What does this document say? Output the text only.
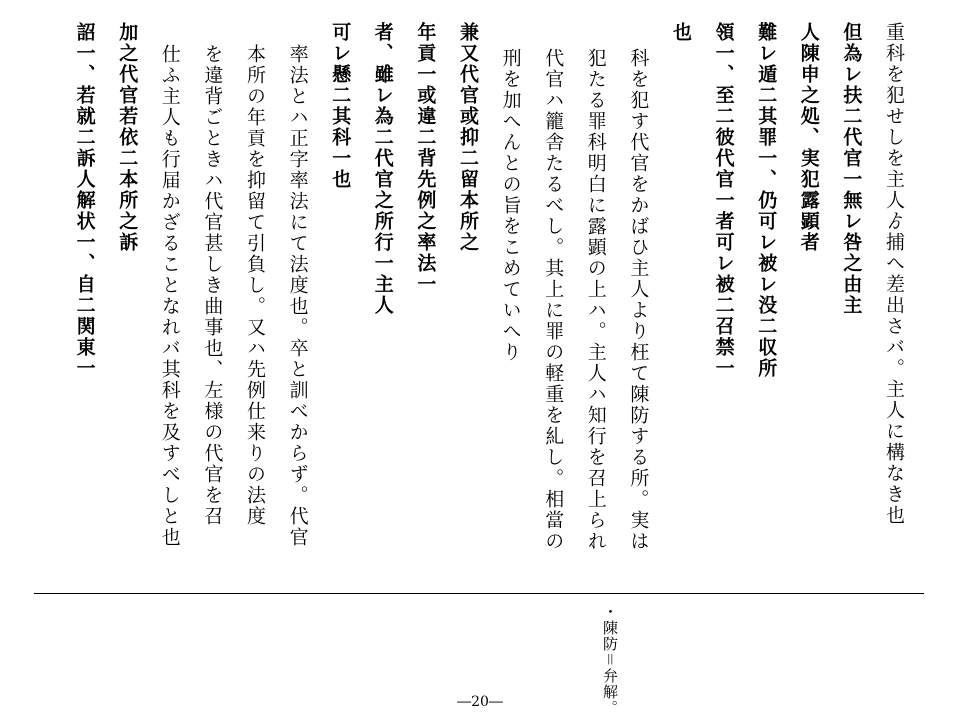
重科を犯せしを主人ゟ捕へ差出さバ。主人に構なき也
但為レ扶二代官一無レ咎之由主
人陳申之処、実犯露顕者
難レ遁二其罪一、仍可レ被レ没二収所
領一、至二彼代官一者可レ被二召禁一
也
科を犯す代官をかばひ主人より枉て陳防する所。実は
犯たる罪科明白に露顕の上ハ。主人ハ知行を召上られ
代官ハ籠舎たるべし。其上に罪の軽重を糺し。相當の
刑を加へんとの旨をこめていへり
兼又代官或抑二留本所之
年貢一或違二背先例之率法一
者、雖レ為二代官之所行一主人
可レ懸二其科一也
率法とハ正字率法にて法度也。卒と訓べからず。代官
本所の年貢を抑留て引負し。又ハ先例仕来りの法度
を違背ごときハ代官甚しき曲事也、左様の代官を召
仕ふ主人も行届かざることなれバ其科を及すべしと也
加之代官若依二本所之訴
詔一、若就二訴人解状一、自二関東一
・陳防＝弁解。
―20―
